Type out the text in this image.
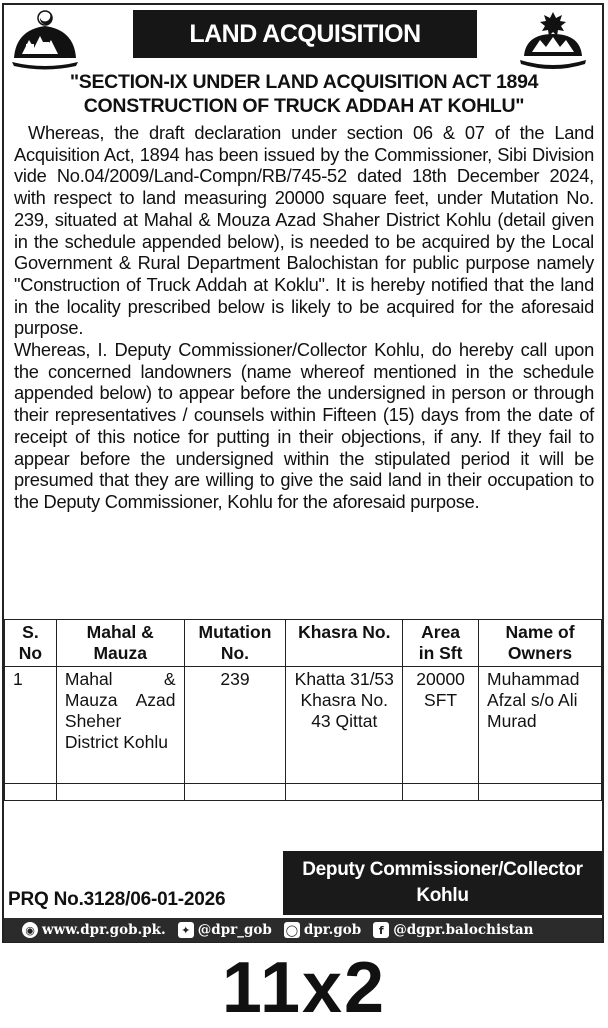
LAND ACQUISITION
"SECTION-IX UNDER LAND ACQUISITION ACT 1894
CONSTRUCTION OF TRUCK ADDAH AT KOHLU"

Whereas, the draft declaration under section 06 & 07 of the Land Acquisition Act, 1894 has been issued by the Commissioner, Sibi Division vide No.04/2009/Land-Compn/RB/745-52 dated 18th December 2024, with respect to land measuring 20000 square feet, under Mutation No. 239, situated at Mahal & Mouza Azad Shaher District Kohlu (detail given in the schedule appended below), is needed to be acquired by the Local Government & Rural Department Balochistan for public purpose namely "Construction of Truck Addah at Koklu". It is hereby notified that the land in the locality prescribed below is likely to be acquired for the aforesaid purpose.

Whereas, I. Deputy Commissioner/Collector Kohlu, do hereby call upon the concerned landowners (name whereof mentioned in the schedule appended below) to appear before the undersigned in person or through their representatives / counsels within Fifteen (15) days from the date of receipt of this notice for putting in their objections, if any. If they fail to appear before the undersigned within the stipulated period it will be presumed that they are willing to give the said land in their occupation to the Deputy Commissioner, Kohlu for the aforesaid purpose.

S. No	Mahal & Mauza	Mutation No.	Khasra No.	Area in Sft	Name of Owners
1	Mahal & Mauza Azad Sheher District Kohlu	239	Khatta 31/53 Khasra No. 43 Qittat	20000 SFT	Muhammad Afzal s/o Ali Murad

Deputy Commissioner/Collector
Kohlu
PRQ No.3128/06-01-2026
◉ www.dpr.gob.pk.	✦ @dpr_gob ◯ dpr.gob	f @dgpr.balochistan
11x2
